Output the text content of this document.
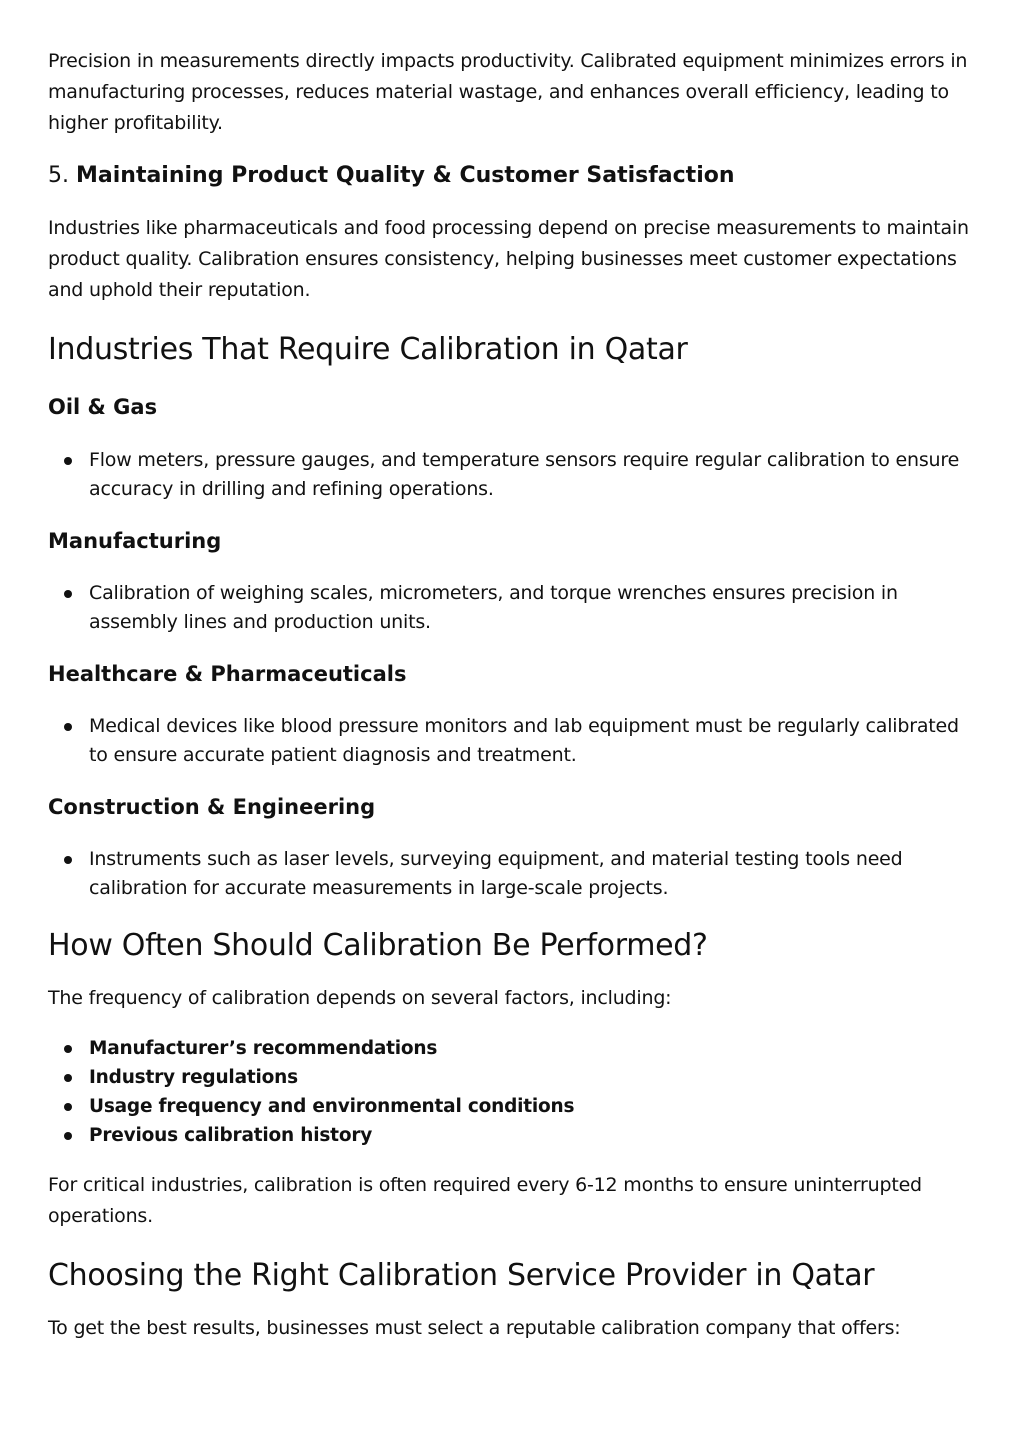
Precision in measurements directly impacts productivity. Calibrated equipment minimizes errors in manufacturing processes, reduces material wastage, and enhances overall efficiency, leading to higher profitability.

5. Maintaining Product Quality & Customer Satisfaction

Industries like pharmaceuticals and food processing depend on precise measurements to maintain product quality. Calibration ensures consistency, helping businesses meet customer expectations and uphold their reputation.

Industries That Require Calibration in Qatar
Oil & Gas
Flow meters, pressure gauges, and temperature sensors require regular calibration to ensure accuracy in drilling and refining operations.
Manufacturing
Calibration of weighing scales, micrometers, and torque wrenches ensures precision in assembly lines and production units.
Healthcare & Pharmaceuticals
Medical devices like blood pressure monitors and lab equipment must be regularly calibrated to ensure accurate patient diagnosis and treatment.
Construction & Engineering
Instruments such as laser levels, surveying equipment, and material testing tools need calibration for accurate measurements in large-scale projects.
How Often Should Calibration Be Performed?

The frequency of calibration depends on several factors, including:

Manufacturer’s recommendations
Industry regulations
Usage frequency and environmental conditions
Previous calibration history

For critical industries, calibration is often required every 6-12 months to ensure uninterrupted operations.

Choosing the Right Calibration Service Provider in Qatar

To get the best results, businesses must select a reputable calibration company that offers:
